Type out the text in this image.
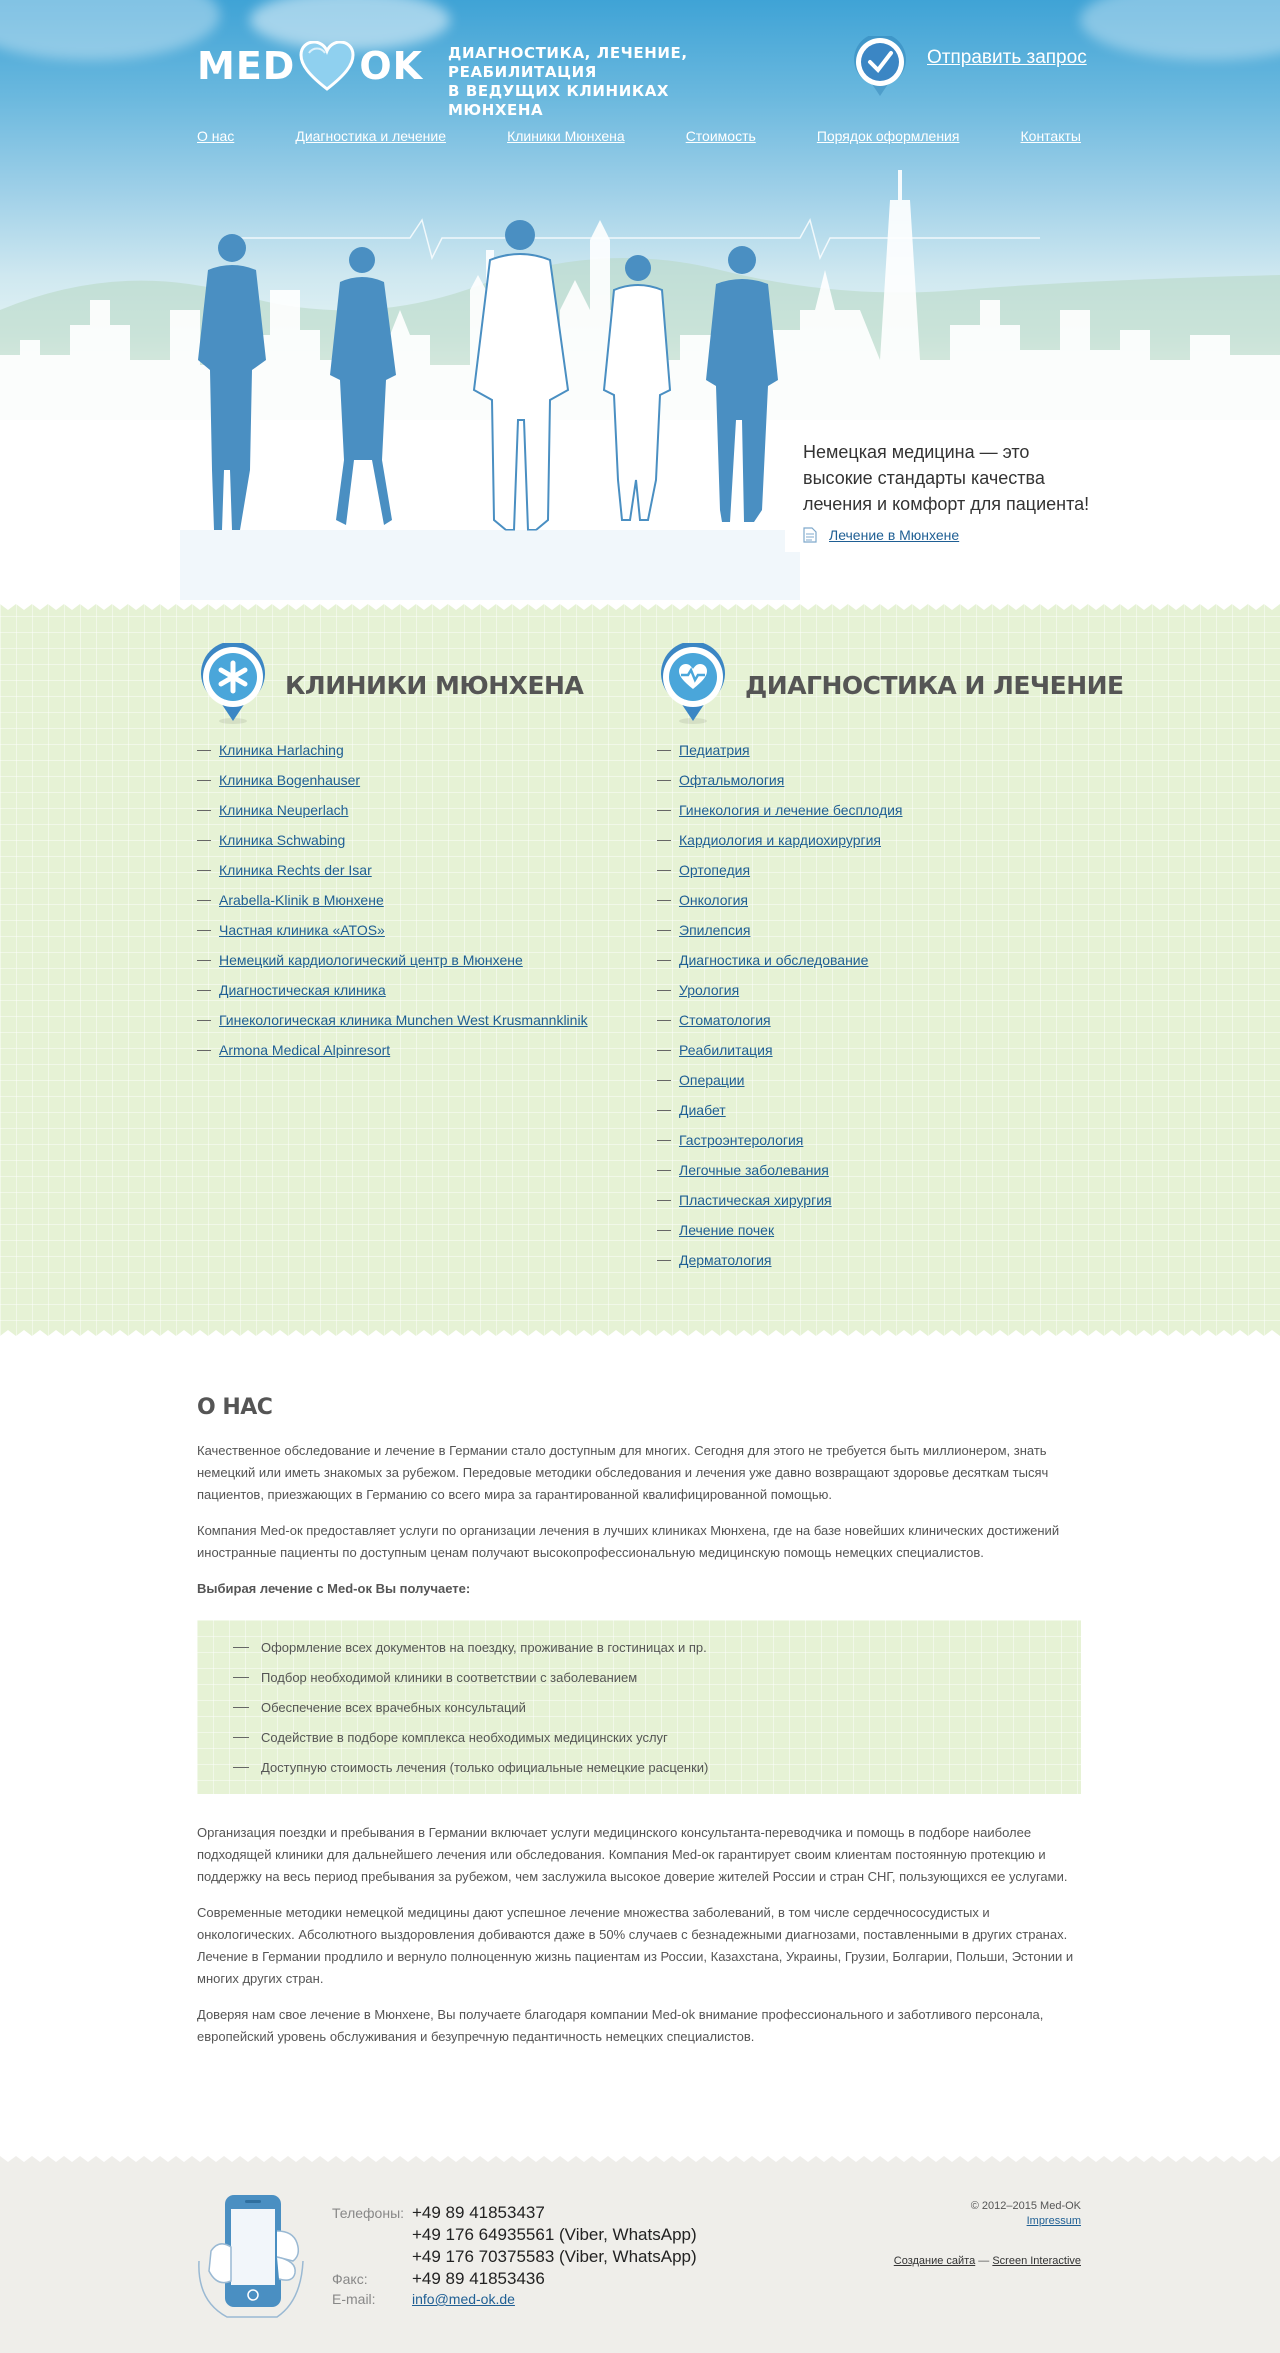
MED OK ДИАГНОСТИКА, ЛЕЧЕНИЕ, РЕАБИЛИТАЦИЯ
В ВЕДУЩИХ КЛИНИКАХ МЮНХЕНА
Отправить запрос
О нас	Диагностика и лечение	Клиники Мюнхена	Стоимость	Порядок оформления	Контакты
Немецкая медицина — это высокие стандарты качества лечения и комфорт для пациента!
Лечение в Мюнхене
КЛИНИКИ МЮНХЕНА
Клиника Harlaching
Клиника Bogenhauser
Клиника Neuperlach
Клиника Schwabing
Клиника Rechts der Isar
Arabella-Klinik в Мюнхене
Частная клиника «ATOS»
Немецкий кардиологический центр в Мюнхене
Диагностическая клиника
Гинекологическая клиника Munchen West Krusmannklinik
Armona Medical Alpinresort
ДИАГНОСТИКА И ЛЕЧЕНИЕ
Педиатрия
Офтальмология
Гинекология и лечение бесплодия
Кардиология и кардиохирургия
Ортопедия
Онкология
Эпилепсия
Диагностика и обследование
Урология
Стоматология
Реабилитация
Операции
Диабет
Гастроэнтерология
Легочные заболевания
Пластическая хирургия
Лечение почек
Дерматология
О НАС

Качественное обследование и лечение в Германии стало доступным для многих. Сегодня для этого не требуется быть миллионером, знать немецкий или иметь знакомых за рубежом. Передовые методики обследования и лечения уже давно возвращают здоровье десяткам тысяч пациентов, приезжающих в Германию со всего мира за гарантированной квалифицированной помощью.

Компания Med-ок предоставляет услуги по организации лечения в лучших клиниках Мюнхена, где на базе новейших клинических достижений иностранные пациенты по доступным ценам получают высокопрофессиональную медицинскую помощь немецких специалистов.

Выбирая лечение с Med-ок Вы получаете:

Оформление всех документов на поездку, проживание в гостиницах и пр.
Подбор необходимой клиники в соответствии с заболеванием
Обеспечение всех врачебных консультаций
Содействие в подборе комплекса необходимых медицинских услуг
Доступную стоимость лечения (только официальные немецкие расценки)

Организация поездки и пребывания в Германии включает услуги медицинского консультанта-переводчика и помощь в подборе наиболее подходящей клиники для дальнейшего лечения или обследования. Компания Med-ок гарантирует своим клиентам постоянную протекцию и поддержку на весь период пребывания за рубежом, чем заслужила высокое доверие жителей России и стран СНГ, пользующихся ее услугами.

Современные методики немецкой медицины дают успешное лечение множества заболеваний, в том числе сердечнососудистых и онкологических. Абсолютного выздоровления добиваются даже в 50% случаев с безнадежными диагнозами, поставленными в других странах. Лечение в Германии продлило и вернуло полноценную жизнь пациентам из России, Казахстана, Украины, Грузии, Болгарии, Польши, Эстонии и многих других стран.

Доверяя нам свое лечение в Мюнхене, Вы получаете благодаря компании Med-ok внимание профессионального и заботливого персонала, европейский уровень обслуживания и безупречную педантичность немецких специалистов.

Телефоны: +49 89 41853437
+49 176 64935561 (Viber, WhatsApp)
+49 176 70375583 (Viber, WhatsApp)
Факс:	+49 89 41853436
E-mail:	info@med-ok.de
© 2012–2015 Med-OK
Impressum
Создание сайта — Screen Interactive
